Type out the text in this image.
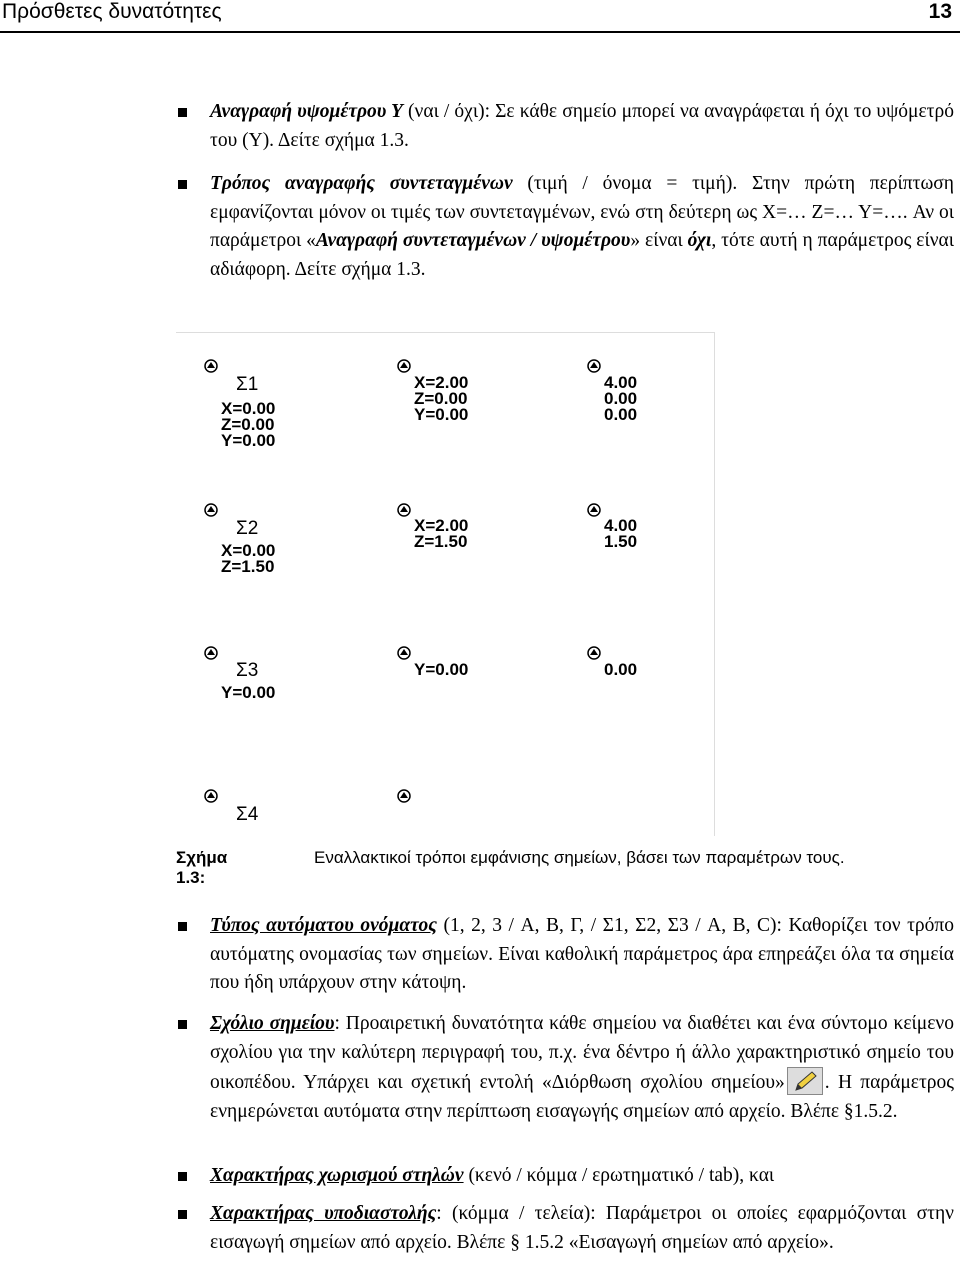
Πρόσθετες δυνατότητες	13
Αναγραφή υψομέτρου Υ (ναι / όχι): Σε κάθε σημείο μπορεί να αναγράφεται ή όχι το υψόμετρό του (Υ). Δείτε σχήμα 1.3.
Τρόπος αναγραφής συντεταγμένων (τιμή / όνομα = τιμή). Στην πρώτη περίπτωση εμφανίζονται μόνον οι τιμές των συντεταγμένων, ενώ στη δεύτερη ως X=… Z=… Y=…. Αν οι παράμετροι «Αναγραφή συντεταγμένων / υψομέτρου» είναι όχι, τότε αυτή η παράμετρος είναι αδιάφορη. Δείτε σχήμα 1.3.
Σ1
X=0.00
Z=0.00
Y=0.00
X=2.00
Z=0.00
Y=0.00
4.00
0.00
0.00
Σ2
X=0.00
Z=1.50
X=2.00
Z=1.50
4.00
1.50
Σ3
Y=0.00
Y=0.00	0.00
Σ4
Σχήμα 1.3:
Εναλλακτικοί τρόποι εμφάνισης σημείων, βάσει των παραμέτρων τους.
Τύπος αυτόματου ονόματος (1, 2, 3 / A, B, Γ, / Σ1, Σ2, Σ3 / A, B, C): Καθορίζει τον τρόπο αυτόματης ονομασίας των σημείων. Είναι καθολική παράμετρος άρα επηρεάζει όλα τα σημεία που ήδη υπάρχουν στην κάτοψη.
Σχόλιο σημείου: Προαιρετική δυνατότητα κάθε σημείου να διαθέτει και ένα σύντομο κείμενο σχολίου για την καλύτερη περιγραφή του, π.χ. ένα δέντρο ή άλλο χαρακτηριστικό σημείο του οικοπέδου. Υπάρχει και σχετική εντολή «Διόρθωση σχολίου σημείου» . Η παράμετρος ενημερώνεται αυτόματα στην περίπτωση εισαγωγής σημείων από αρχείο. Βλέπε §1.5.2.
Χαρακτήρας χωρισμού στηλών (κενό / κόμμα / ερωτηματικό / tab), και
Χαρακτήρας υποδιαστολής: (κόμμα / τελεία): Παράμετροι οι οποίες εφαρμόζονται στην εισαγωγή σημείων από αρχείο. Βλέπε § 1.5.2 «Εισαγωγή σημείων από αρχείο».
